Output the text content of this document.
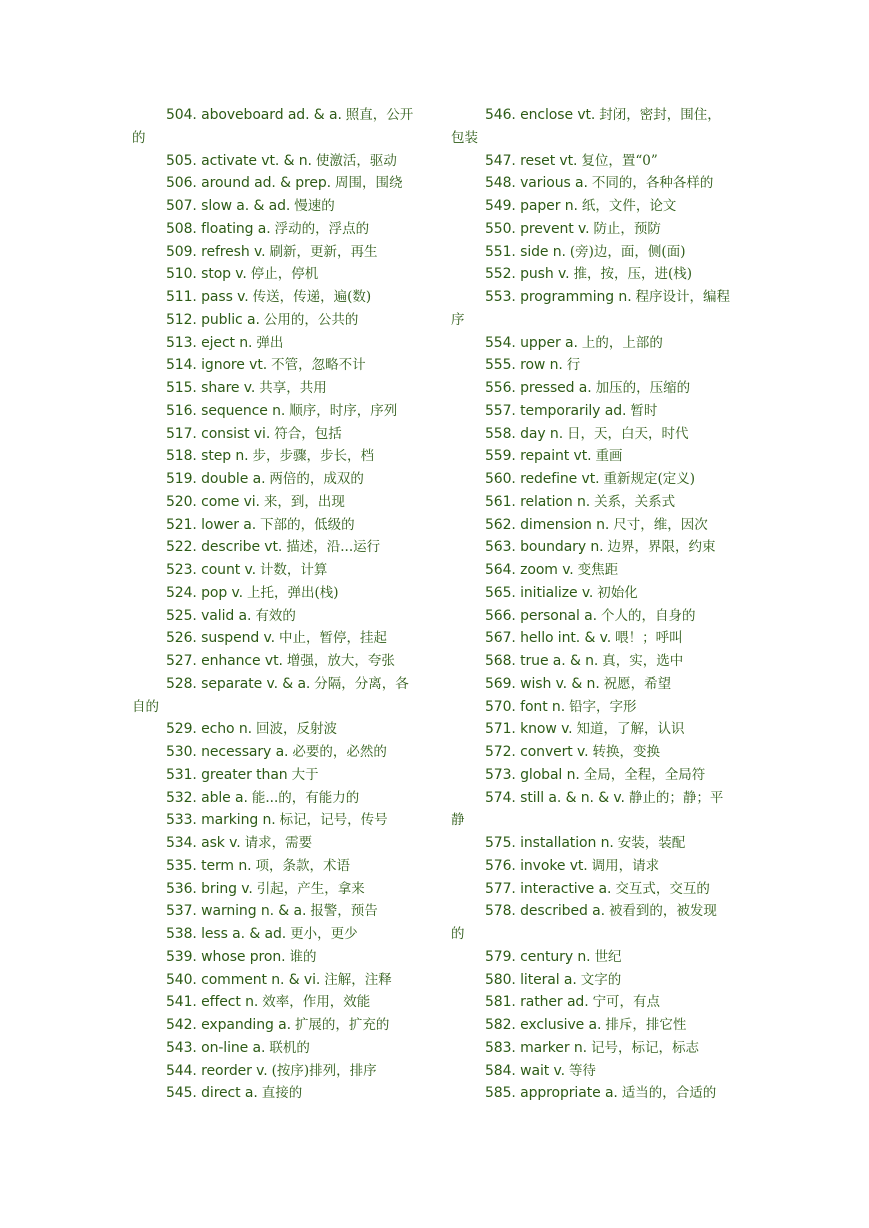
504. aboveboard ad. & a. 照直，公开
的
505. activate vt. & n. 使激活，驱动
506. around ad. & prep. 周围，围绕
507. slow a. & ad. 慢速的
508. floating a. 浮动的，浮点的
509. refresh v. 刷新，更新，再生
510. stop v. 停止，停机
511. pass v. 传送，传递，遍(数)
512. public a. 公用的，公共的
513. eject n. 弹出
514. ignore vt. 不管，忽略不计
515. share v. 共享，共用
516. sequence n. 顺序，时序，序列
517. consist vi. 符合，包括
518. step n. 步，步骤，步长，档
519. double a. 两倍的，成双的
520. come vi. 来，到，出现
521. lower a. 下部的，低级的
522. describe vt. 描述，沿...运行
523. count v. 计数，计算
524. pop v. 上托，弹出(栈)
525. valid a. 有效的
526. suspend v. 中止，暂停，挂起
527. enhance vt. 增强，放大，夸张
528. separate v. & a. 分隔，分离，各
自的
529. echo n. 回波，反射波
530. necessary a. 必要的，必然的
531. greater than 大于
532. able a. 能...的，有能力的
533. marking n. 标记，记号，传号
534. ask v. 请求，需要
535. term n. 项，条款，术语
536. bring v. 引起，产生，拿来
537. warning n. & a. 报警，预告
538. less a. & ad. 更小，更少
539. whose pron. 谁的
540. comment n. & vi. 注解，注释
541. effect n. 效率，作用，效能
542. expanding a. 扩展的，扩充的
543. on-line a. 联机的
544. reorder v. (按序)排列，排序
545. direct a. 直接的
546. enclose vt. 封闭，密封，围住，
包装
547. reset vt. 复位，置“0”
548. various a. 不同的，各种各样的
549. paper n. 纸，文件，论文
550. prevent v. 防止，预防
551. side n. (旁)边，面，侧(面)
552. push v. 推，按，压，进(栈)
553. programming n. 程序设计，编程
序
554. upper a. 上的，上部的
555. row n. 行
556. pressed a. 加压的，压缩的
557. temporarily ad. 暂时
558. day n. 日，天，白天，时代
559. repaint vt. 重画
560. redefine vt. 重新规定(定义)
561. relation n. 关系，关系式
562. dimension n. 尺寸，维，因次
563. boundary n. 边界，界限，约束
564. zoom v. 变焦距
565. initialize v. 初始化
566. personal a. 个人的，自身的
567. hello int. & v. 喂！；呼叫
568. true a. & n. 真，实，选中
569. wish v. & n. 祝愿，希望
570. font n. 铅字，字形
571. know v. 知道，了解，认识
572. convert v. 转换，变换
573. global n. 全局，全程，全局符
574. still a. & n. & v. 静止的；静；平
静
575. installation n. 安装，装配
576. invoke vt. 调用，请求
577. interactive a. 交互式，交互的
578. described a. 被看到的，被发现
的
579. century n. 世纪
580. literal a. 文字的
581. rather ad. 宁可，有点
582. exclusive a. 排斥，排它性
583. marker n. 记号，标记，标志
584. wait v. 等待
585. appropriate a. 适当的，合适的
